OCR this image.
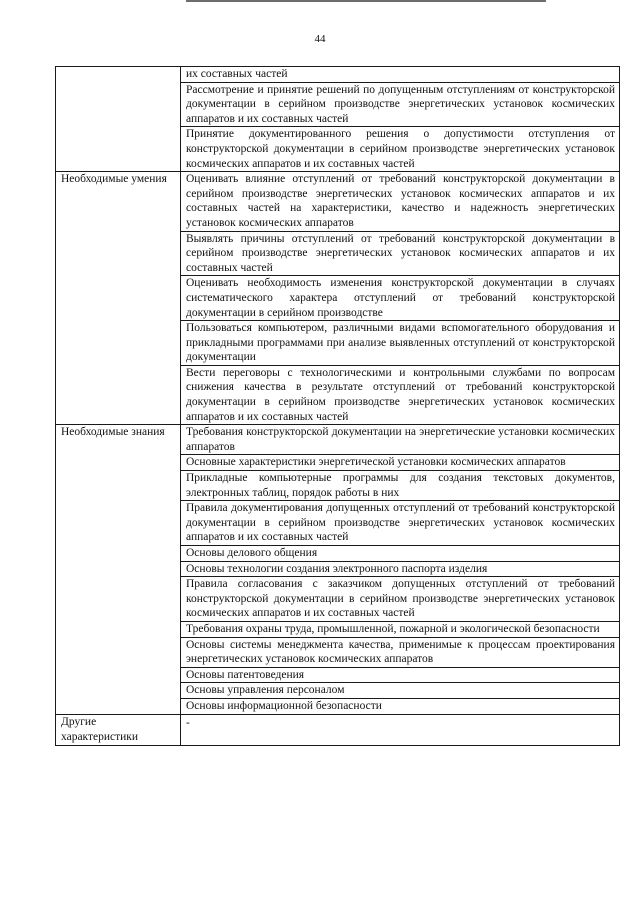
44
	их составных частей
	Рассмотрение и принятие решений по допущенным отступлениям от конструкторской документации в серийном производстве энергетических установок космических аппаратов и их составных частей
	Принятие документированного решения о допустимости отступления от конструкторской документации в серийном производстве энергетических установок космических аппаратов и их составных частей
Необходимые умения	Оценивать влияние отступлений от требований конструкторской документации в серийном производстве энергетических установок космических аппаратов и их составных частей на характеристики, качество и надежность энергетических установок космических аппаратов
	Выявлять причины отступлений от требований конструкторской документации в серийном производстве энергетических установок космических аппаратов и их составных частей
	Оценивать необходимость изменения конструкторской документации в случаях систематического характера отступлений от требований конструкторской документации в серийном производстве
	Пользоваться компьютером, различными видами вспомогательного оборудования и прикладными программами при анализе выявленных отступлений от конструкторской документации
	Вести переговоры с технологическими и контрольными службами по вопросам снижения качества в результате отступлений от требований конструкторской документации в серийном производстве энергетических установок космических аппаратов и их составных частей
Необходимые знания	Требования конструкторской документации на энергетические установки космических аппаратов
	Основные характеристики энергетической установки космических аппаратов
	Прикладные компьютерные программы для создания текстовых документов, электронных таблиц, порядок работы в них
	Правила документирования допущенных отступлений от требований конструкторской документации в серийном производстве энергетических установок космических аппаратов и их составных частей
	Основы делового общения
	Основы технологии создания электронного паспорта изделия
	Правила согласования с заказчиком допущенных отступлений от требований конструкторской документации в серийном производстве энергетических установок космических аппаратов и их составных частей
	Требования охраны труда, промышленной, пожарной и экологической безопасности
	Основы системы менеджмента качества, применимые к процессам проектирования энергетических установок космических аппаратов
	Основы патентоведения
	Основы управления персоналом
	Основы информационной безопасности
Другие характеристики	-
